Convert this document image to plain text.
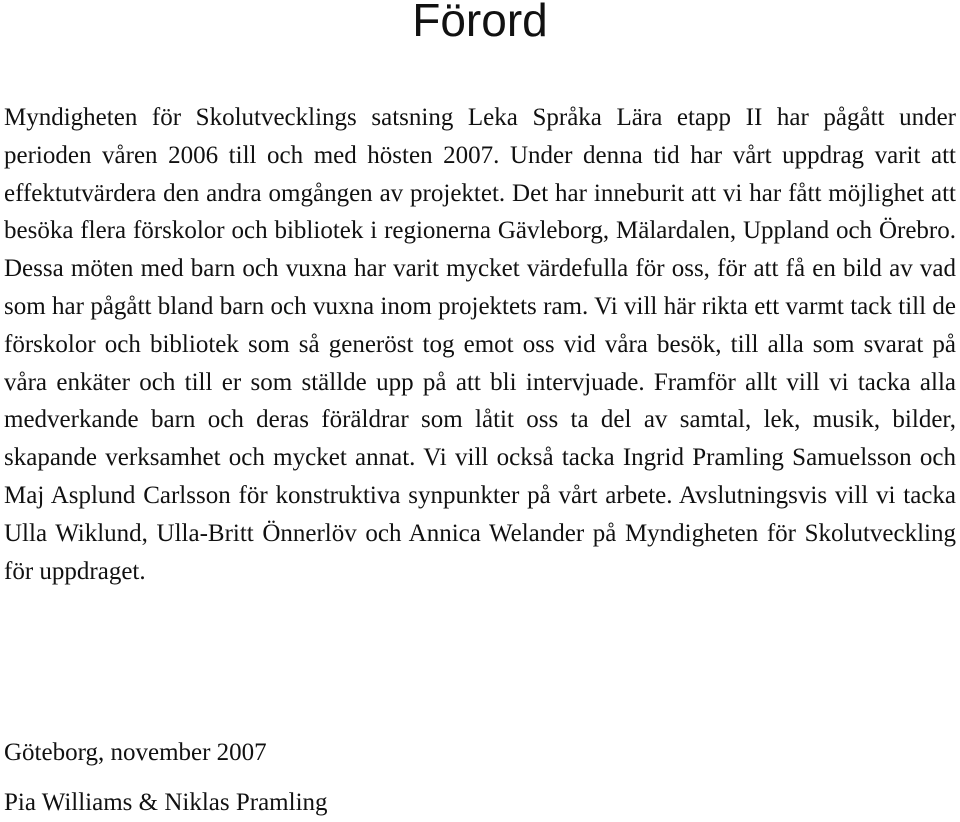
Förord

Myndigheten för Skolutvecklings satsning Leka Språka Lära etapp II har pågått under perioden våren 2006 till och med hösten 2007. Under denna tid har vårt uppdrag varit att effektutvärdera den andra omgången av projektet. Det har inneburit att vi har fått möjlighet att besöka flera förskolor och bibliotek i regionerna Gävleborg, Mälardalen, Uppland och Örebro. Dessa möten med barn och vuxna har varit mycket värdefulla för oss, för att få en bild av vad som har pågått bland barn och vuxna inom projektets ram. Vi vill här rikta ett varmt tack till de förskolor och bibliotek som så generöst tog emot oss vid våra besök, till alla som svarat på våra enkäter och till er som ställde upp på att bli intervjuade. Framför allt vill vi tacka alla medverkande barn och deras föräldrar som låtit oss ta del av samtal, lek, musik, bilder, skapande verksamhet och mycket annat. Vi vill också tacka Ingrid Pramling Samuelsson och Maj Asplund Carlsson för konstruktiva synpunkter på vårt arbete. Avslutningsvis vill vi tacka Ulla Wiklund, Ulla-Britt Önnerlöv och Annica Welander på Myndigheten för Skolutveckling för uppdraget.

Göteborg, november 2007

Pia Williams & Niklas Pramling
